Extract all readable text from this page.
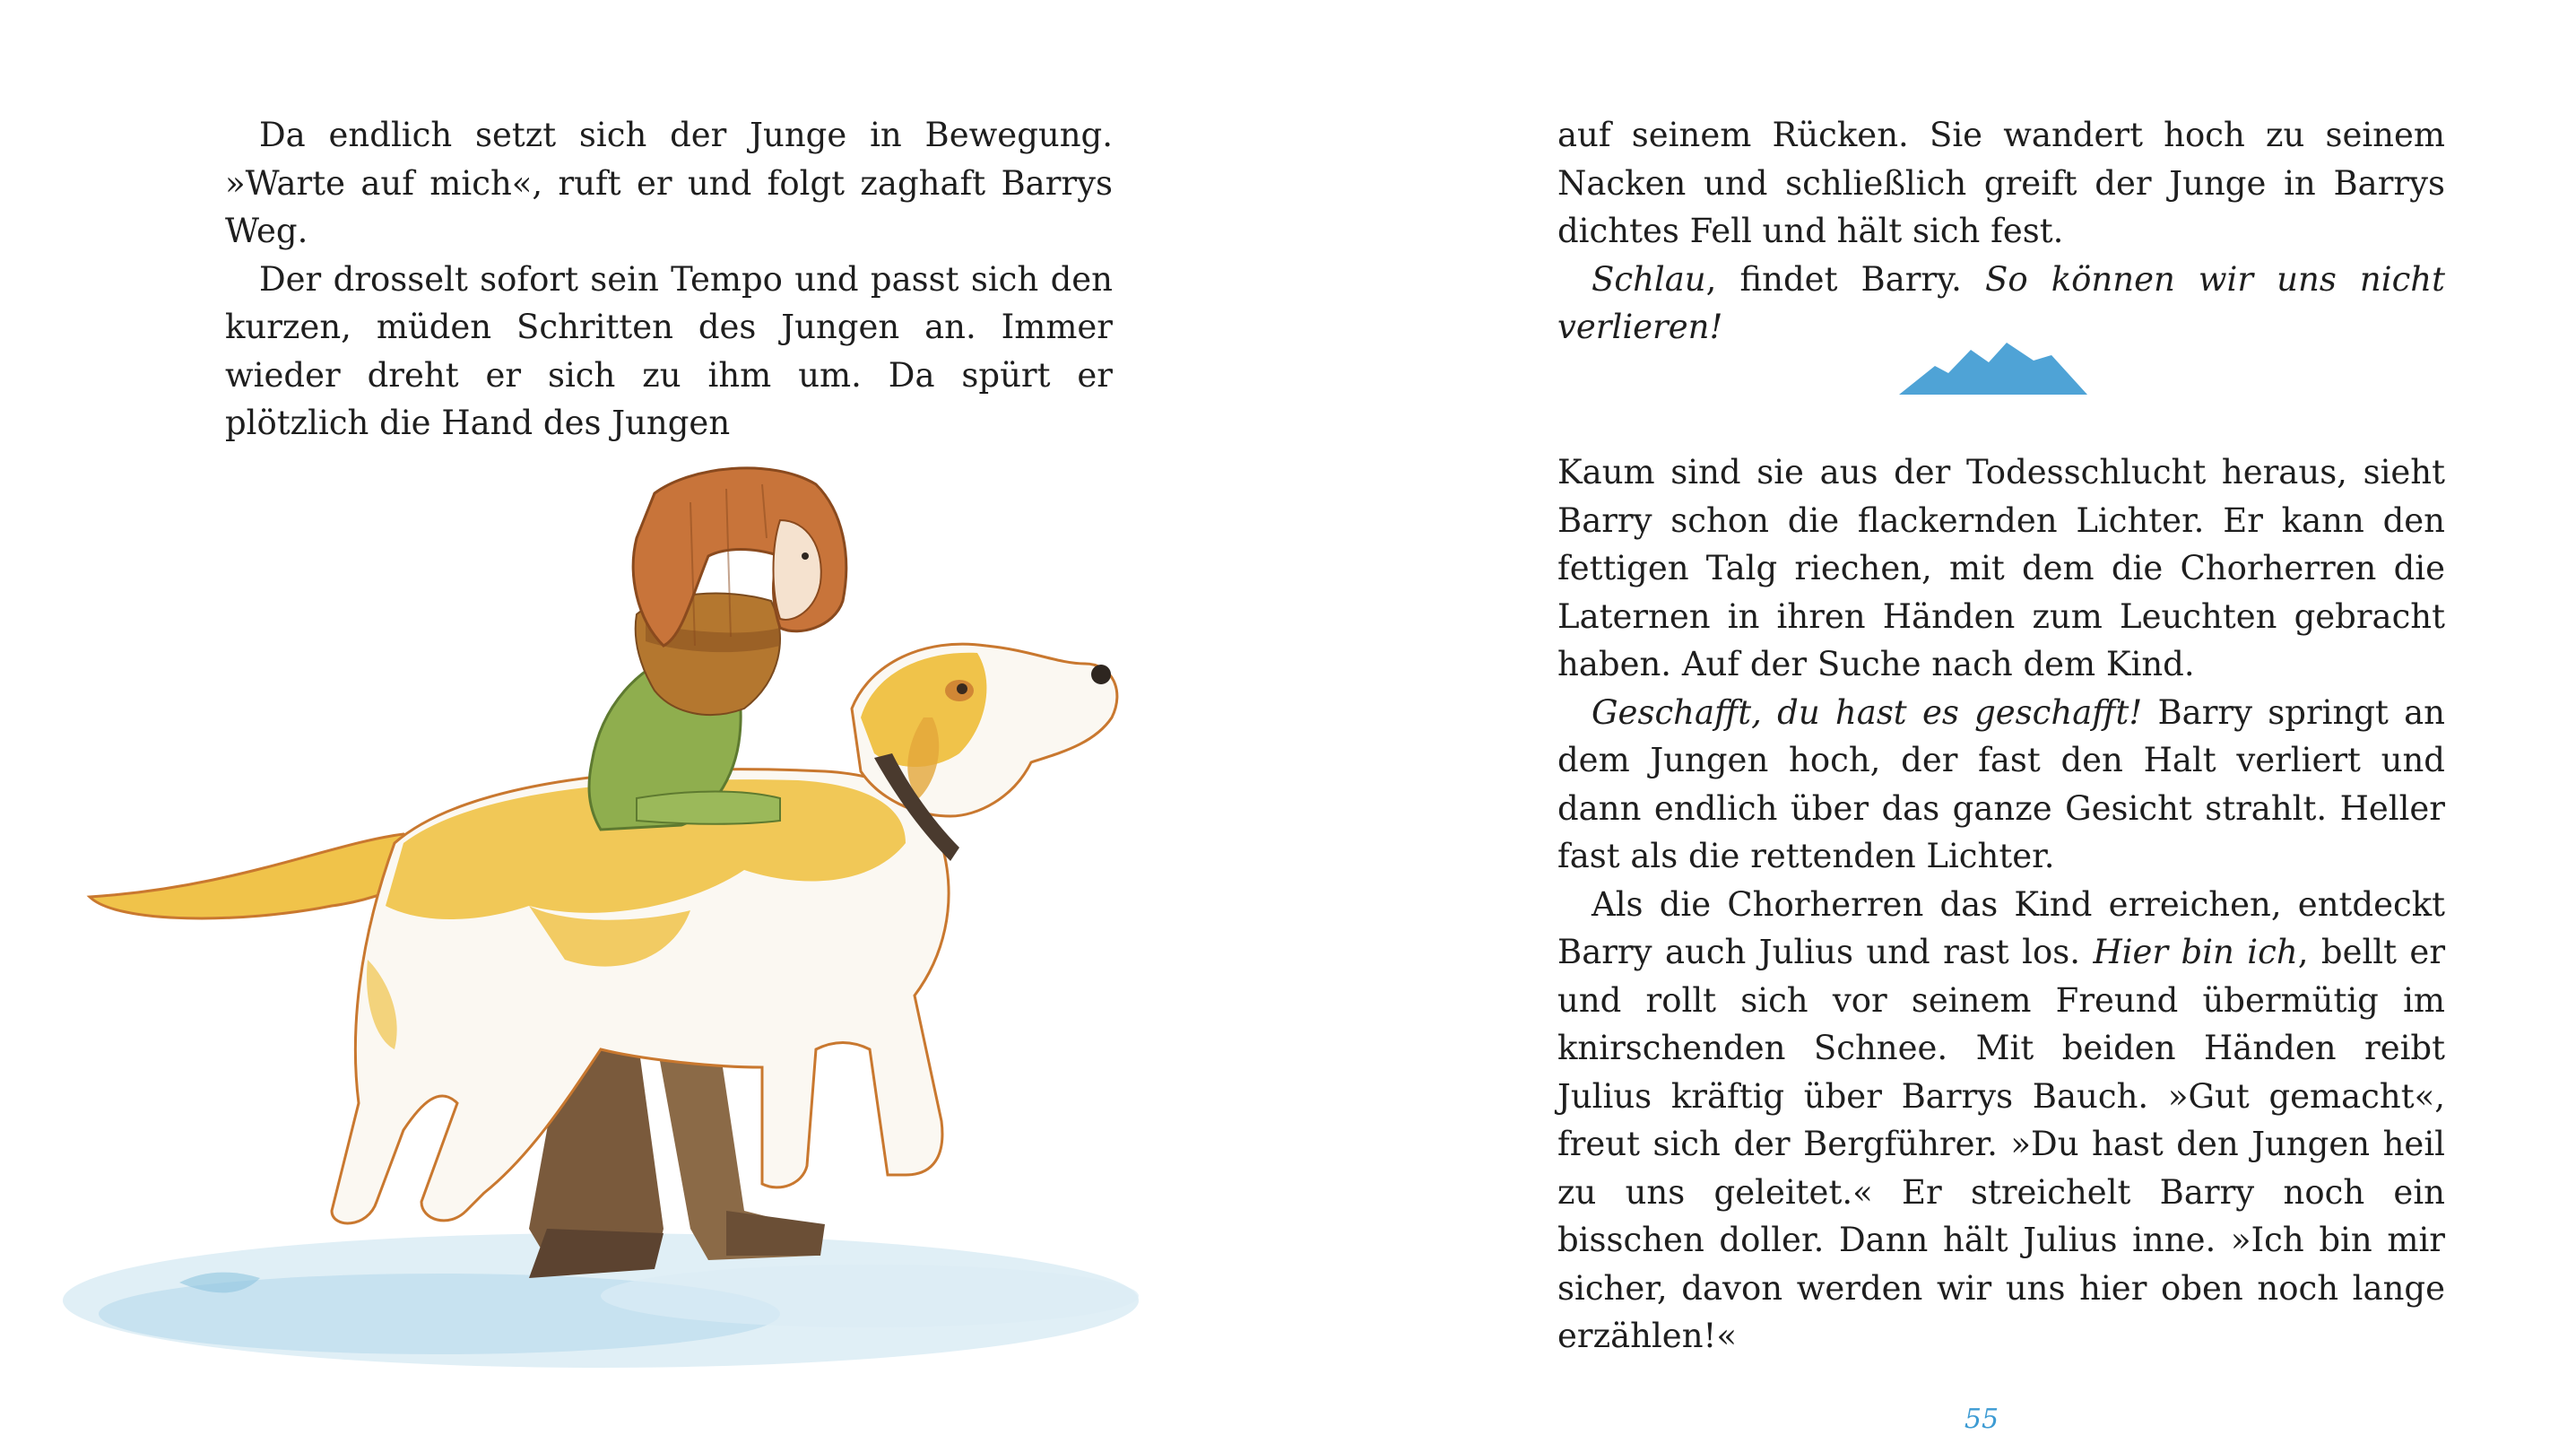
Da endlich setzt sich der Junge in Bewegung. »Warte auf mich«, ruft er und folgt zaghaft Barrys Weg.

Der drosselt sofort sein Tempo und passt sich den kurzen, müden Schritten des Jungen an. Immer wieder dreht er sich zu ihm um. Da spürt er plötzlich die Hand des Jungen

auf seinem Rücken. Sie wandert hoch zu seinem Nacken und schließlich greift der Junge in Barrys dichtes Fell und hält sich fest.

Schlau, findet Barry. So können wir uns nicht verlieren!

Kaum sind sie aus der Todesschlucht heraus, sieht Barry schon die flackernden Lichter. Er kann den fettigen Talg riechen, mit dem die Chorherren die Laternen in ihren Händen zum Leuchten gebracht haben. Auf der Suche nach dem Kind.

Geschafft, du hast es geschafft! Barry springt an dem Jungen hoch, der fast den Halt verliert und dann endlich über das ganze Gesicht strahlt. Heller fast als die rettenden Lichter.

Als die Chorherren das Kind erreichen, entdeckt Barry auch Julius und rast los. Hier bin ich, bellt er und rollt sich vor seinem Freund übermütig im knirschenden Schnee. Mit beiden Händen reibt Julius kräftig über Barrys Bauch. »Gut gemacht«, freut sich der Bergführer. »Du hast den Jungen heil zu uns geleitet.« Er streichelt Barry noch ein bisschen doller. Dann hält Julius inne. »Ich bin mir sicher, davon werden wir uns hier oben noch lange erzählen!«

55
